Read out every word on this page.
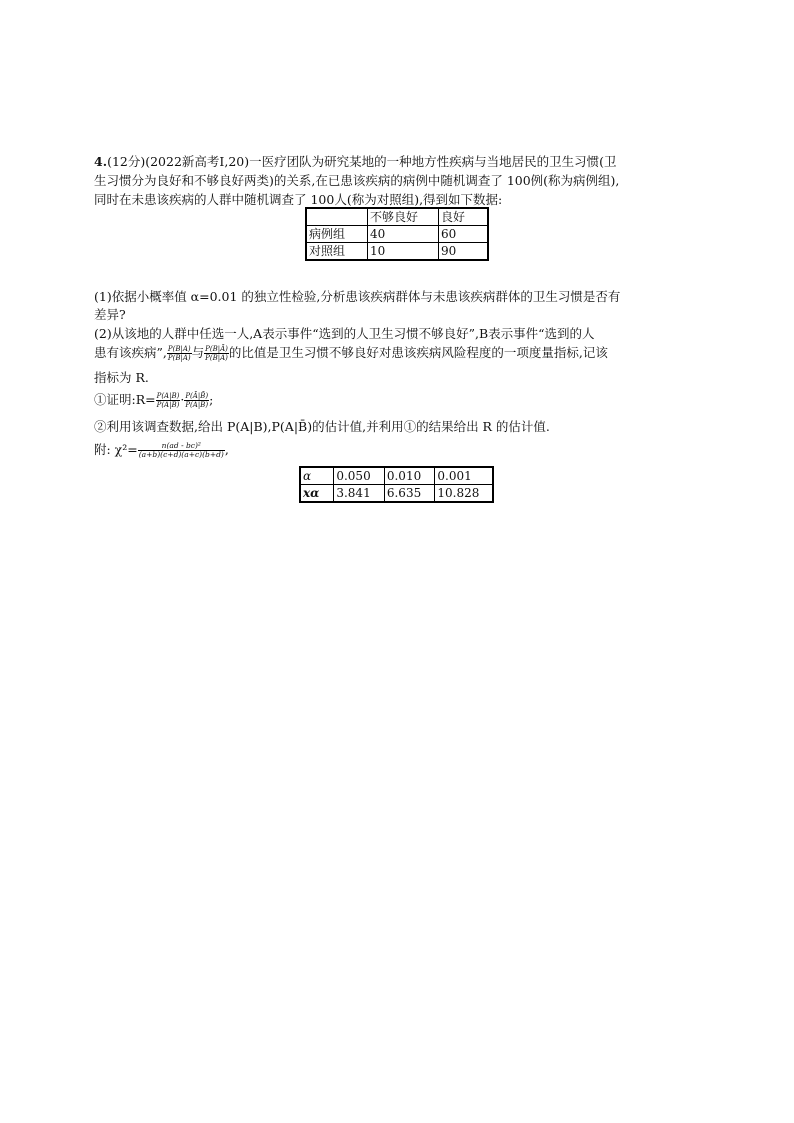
4.(12分)(2022新高考Ⅰ,20)一医疗团队为研究某地的一种地方性疾病与当地居民的卫生习惯(卫
生习惯分为良好和不够良好两类)的关系,在已患该疾病的病例中随机调查了 100例(称为病例组),
同时在未患该疾病的人群中随机调查了 100人(称为对照组),得到如下数据:
	不够良好	良好
病例组	40	60
对照组	10	90
(1)依据小概率值 α=0.01 的独立性检验,分析患该疾病群体与未患该疾病群体的卫生习惯是否有
差异?
(2)从该地的人群中任选一人,A表示事件“选到的人卫生习惯不够良好”,B表示事件“选到的人
患有该疾病”, $\frac{P(B|A)}{P(B̄|A)}$ 与 $\frac{P(B|Ā)}{P(B̄|Ā)}$ 的比值是卫生习惯不够良好对患该疾病风险程度的一项度量指标,记该
指标为 R.
①证明:R= $\frac{P(A|B)}{P(Ā|B)} \cdot \frac{P(Ā|B̄)}{P(A|B̄)}$ ;
②利用该调查数据,给出 P(A|B),P(A|B̄)的估计值,并利用①的结果给出 R 的估计值.
附: $\chi^2= \frac{\text{n(ad - bc)²}}{(a+b)(c+d)(a+c)(b+d)}$ ,
α	0.050	0.010	0.001
xα	3.841	6.635	10.828
